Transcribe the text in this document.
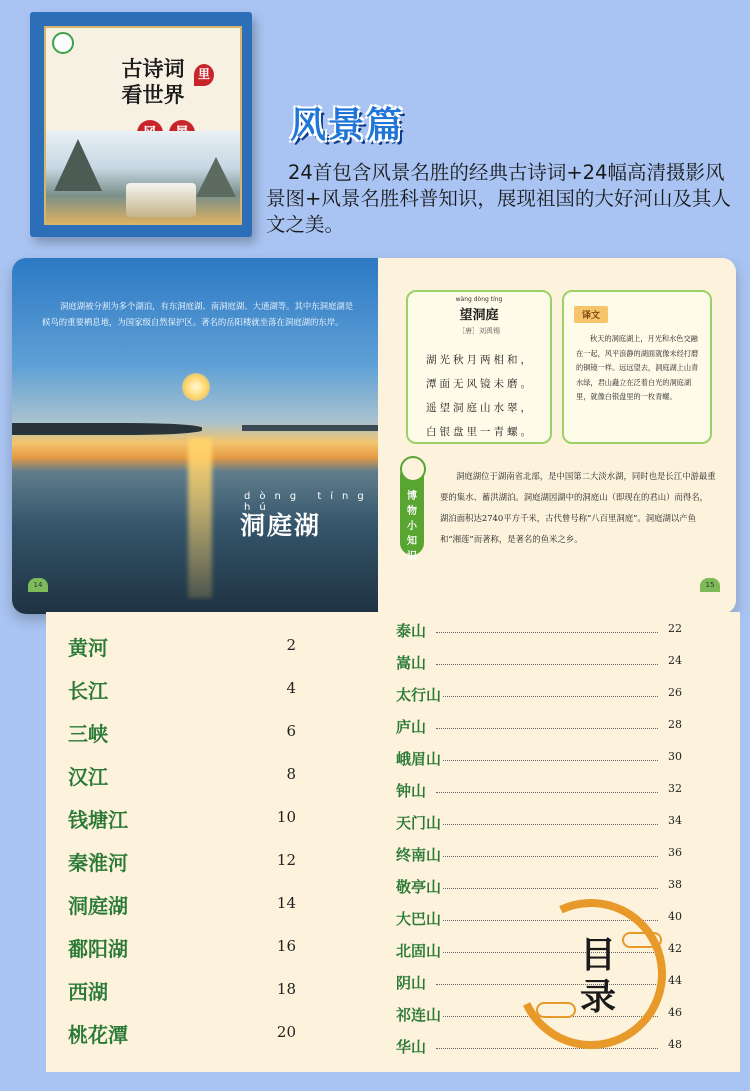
古诗词
看世界
里
风景篇
24首包含风景名胜的经典古诗词+24幅高清摄影风景图+风景名胜科普知识，展现祖国的大好河山及其人文之美。
洞庭湖被分割为多个湖泊，有东洞庭湖、南洞庭湖、大通湖等。其中东洞庭湖是候鸟的重要栖息地，为国家级自然保护区。著名的岳阳楼就坐落在洞庭湖的东岸。
dòng tíng hú
洞庭湖
14
wàng dòng tíng
望洞庭
［唐］刘禹锡
湖光秋月两相和，
潭面无风镜未磨。
遥望洞庭山水翠，
白银盘里一青螺。
译文
秋天的洞庭湖上，月光和水色交融在一起，风平浪静的湖面就像未经打磨的铜镜一样。远远望去，洞庭湖上山青水绿，君山矗立在泛着白光的洞庭湖里，就像白银盘里的一枚青螺。
博物小知识
洞庭湖位于湖南省北部，是中国第二大淡水湖，同时也是长江中游最重要的集水、蓄洪湖泊。洞庭湖因湖中的洞庭山（即现在的君山）而得名，湖泊面积达2740平方千米，古代曾号称“八百里洞庭”。洞庭湖以产鱼和“湘莲”而著称，是著名的鱼米之乡。
15
黄河	2
长江	4
三峡	6
汉江	8
钱塘江	10
秦淮河	12
洞庭湖	14
鄱阳湖	16
西湖	18
桃花潭	20
泰山	22
嵩山	24
太行山	26
庐山	28
峨眉山	30
钟山	32
天门山	34
终南山	36
敬亭山	38
大巴山	40
北固山	42
阴山	44
祁连山	46
华山	48
目
录
